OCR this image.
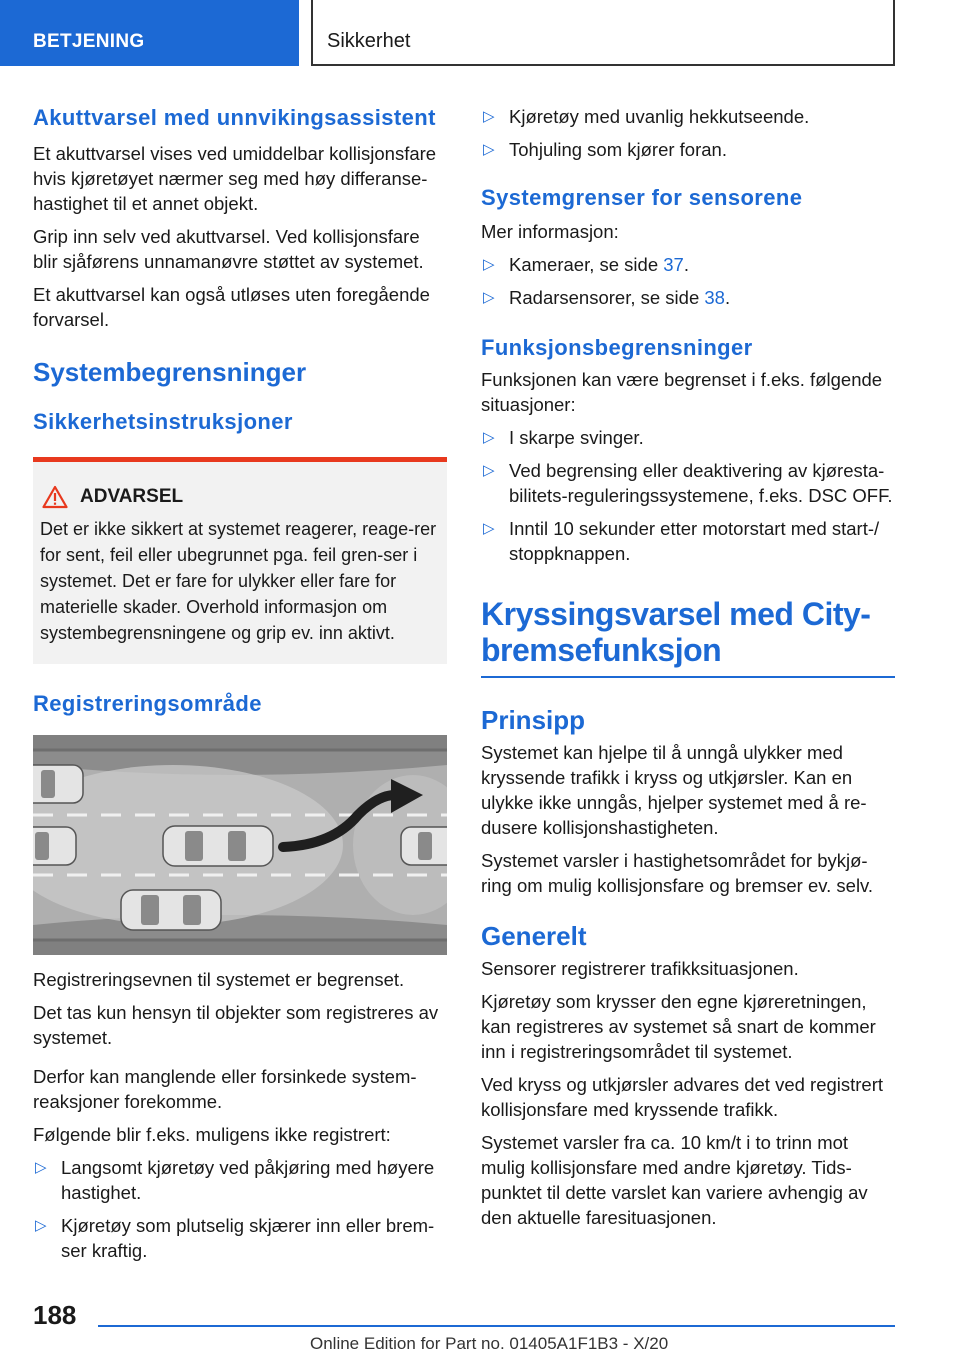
BETJENING	Sikkerhet
Akuttvarsel med unnvikingsassistent

Et akuttvarsel vises ved umiddelbar kollisjonsfare hvis kjøretøyet nærmer seg med høy differanse-hastighet til et annet objekt.

Grip inn selv ved akuttvarsel. Ved kollisjonsfare blir sjåførens unnamanøvre støttet av systemet.

Et akuttvarsel kan også utløses uten foregående forvarsel.

Systembegrensninger
Sikkerhetsinstruksjoner
ADVARSEL

Det er ikke sikkert at systemet reagerer, reage-rer for sent, feil eller ubegrunnet pga. feil gren-ser i systemet. Det er fare for ulykker eller fare for materielle skader. Overhold informasjon om systembegrensningene og grip ev. inn aktivt.

Registreringsområde

Registreringsevnen til systemet er begrenset.

Det tas kun hensyn til objekter som registreres av systemet.

Derfor kan manglende eller forsinkede system-reaksjoner forekomme.

Følgende blir f.eks. muligens ikke registrert:

▷ Langsomt kjøretøy ved påkjøring med høyere hastighet.
▷ Kjøretøy som plutselig skjærer inn eller brem-ser kraftig.
▷ Kjøretøy med uvanlig hekkutseende.
▷ Tohjuling som kjører foran.
Systemgrenser for sensorene

Mer informasjon:

▷ Kameraer, se side 37.
▷ Radarsensorer, se side 38.
Funksjonsbegrensninger

Funksjonen kan være begrenset i f.eks. følgende situasjoner:

▷ I skarpe svinger.
▷ Ved begrensing eller deaktivering av kjøresta-bilitets-reguleringssystemene, f.eks. DSC OFF.
▷ Inntil 10 sekunder etter motorstart med start-/ stoppknappen.
Kryssingsvarsel med City-bremsefunksjon
Prinsipp

Systemet kan hjelpe til å unngå ulykker med kryssende trafikk i kryss og utkjørsler. Kan en ulykke ikke unngås, hjelper systemet med å re-dusere kollisjonshastigheten.

Systemet varsler i hastighetsområdet for bykjø-ring om mulig kollisjonsfare og bremser ev. selv.

Generelt

Sensorer registrerer trafikksituasjonen.

Kjøretøy som krysser den egne kjøreretningen, kan registreres av systemet så snart de kommer inn i registreringsområdet til systemet.

Ved kryss og utkjørsler advares det ved registrert kollisjonsfare med kryssende trafikk.

Systemet varsler fra ca. 10 km/t i to trinn mot mulig kollisjonsfare med andre kjøretøy. Tids-punktet til dette varslet kan variere avhengig av den aktuelle faresituasjonen.

188
Online Edition for Part no. 01405A1F1B3 - X/20
